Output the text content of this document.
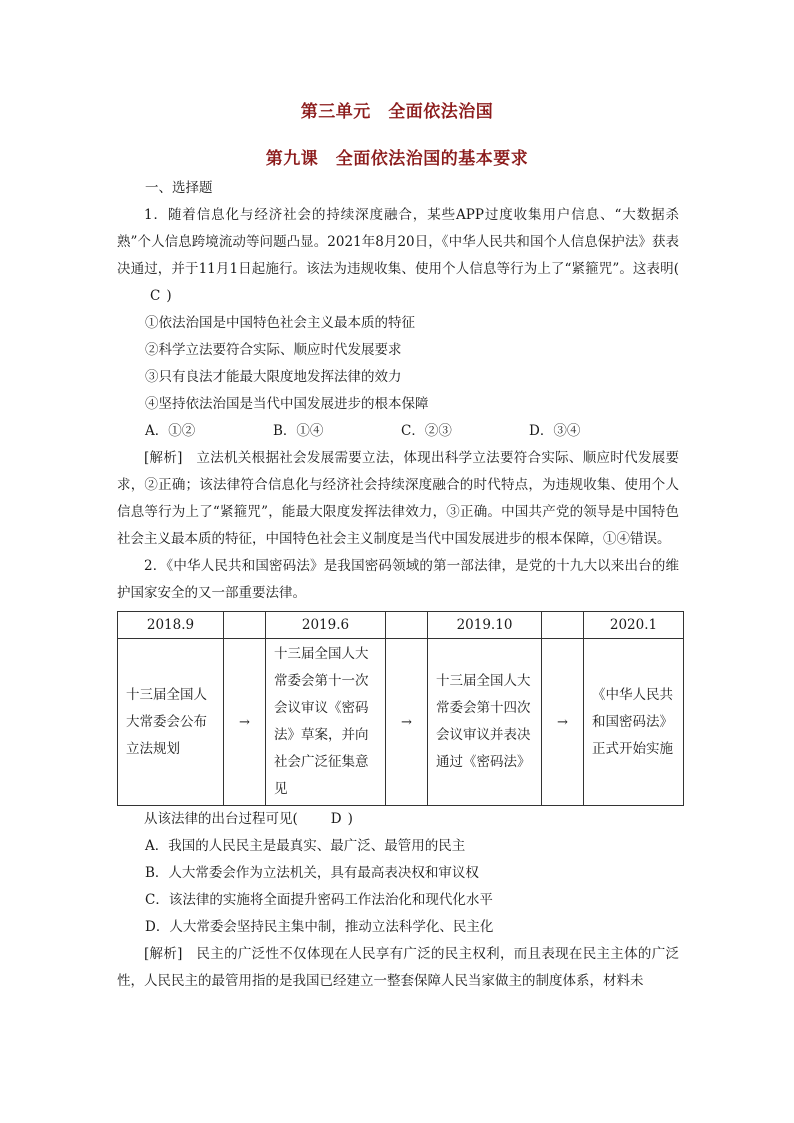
第三单元　全面依法治国
第九课　全面依法治国的基本要求

一、选择题

1．随着信息化与经济社会的持续深度融合，某些APP过度收集用户信息、“大数据杀熟”个人信息跨境流动等问题凸显。2021年8月20日，《中华人民共和国个人信息保护法》获表决通过，并于11月1日起施行。该法为违规收集、使用个人信息等行为上了“紧箍咒”。这表明(C )

①依法治国是中国特色社会主义最本质的特征

②科学立法要符合实际、顺应时代发展要求

③只有良法才能最大限度地发挥法律的效力

④坚持依法治国是当代中国发展进步的根本保障

A．①②	B．①④	C．②③	D．③④

[解析]　立法机关根据社会发展需要立法，体现出科学立法要符合实际、顺应时代发展要求，②正确；该法律符合信息化与经济社会持续深度融合的时代特点，为违规收集、使用个人信息等行为上了“紧箍咒”，能最大限度发挥法律效力，③正确。中国共产党的领导是中国特色社会主义最本质的特征，中国特色社会主义制度是当代中国发展进步的根本保障，①④错误。

2．《中华人民共和国密码法》是我国密码领域的第一部法律，是党的十九大以来出台的维护国家安全的又一部重要法律。

2018.9		2019.6		2019.10		2020.1
十三届全国人大常委会公布立法规划	→	十三届全国人大常委会第十一次会议审议《密码法》草案，并向社会广泛征集意见	→	十三届全国人大常委会第十四次会议审议并表决通过《密码法》	→	《中华人民共和国密码法》正式开始实施

从该法律的出台过程可见( D )

A．我国的人民民主是最真实、最广泛、最管用的民主

B．人大常委会作为立法机关，具有最高表决权和审议权

C．该法律的实施将全面提升密码工作法治化和现代化水平

D．人大常委会坚持民主集中制，推动立法科学化、民主化

[解析]　民主的广泛性不仅体现在人民享有广泛的民主权利，而且表现在民主主体的广泛性，人民民主的最管用指的是我国已经建立一整套保障人民当家做主的制度体系，材料未
